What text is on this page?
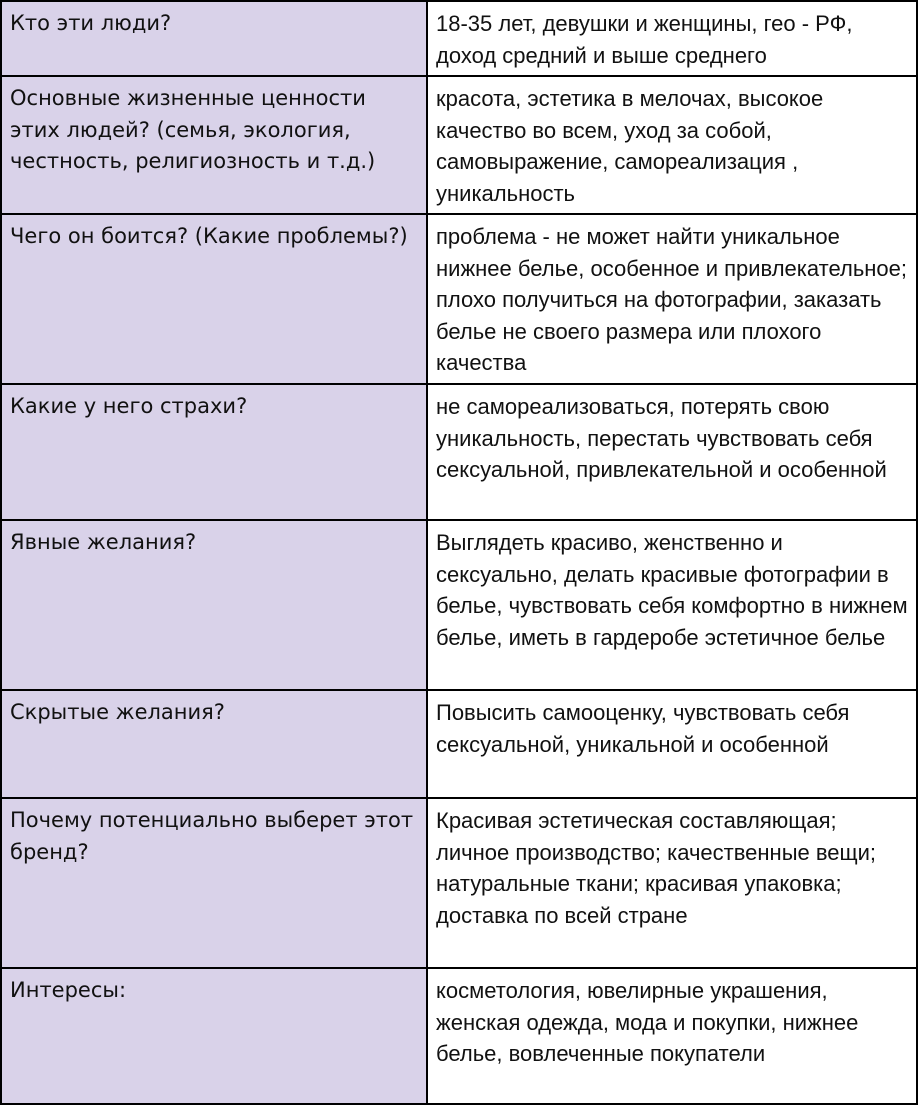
Кто эти люди?	18-35 лет, девушки и женщины, гео - РФ, доход средний и выше среднего
Основные жизненные ценности этих людей? (семья, экология, честность, религиозность и т.д.)	красота, эстетика в мелочах, высокое качество во всем, уход за собой, самовыражение, самореализация , уникальность
Чего он боится? (Какие проблемы?)	проблема - не может найти уникальное нижнее белье, особенное и привлекательное; плохо получиться на фотографии, заказать белье не своего размера или плохого качества
Какие у него страхи?	не самореализоваться, потерять свою уникальность, перестать чувствовать себя сексуальной, привлекательной и особенной
Явные желания?	Выглядеть красиво, женственно и сексуально, делать красивые фотографии в белье, чувствовать себя комфортно в нижнем белье, иметь в гардеробе эстетичное белье
Скрытые желания?	Повысить самооценку, чувствовать себя сексуальной, уникальной и особенной
Почему потенциально выберет этот бренд?	Красивая эстетическая составляющая; личное производство; качественные вещи; натуральные ткани; красивая упаковка; доставка по всей стране
Интересы:	косметология, ювелирные украшения, женская одежда, мода и покупки, нижнее белье, вовлеченные покупатели
